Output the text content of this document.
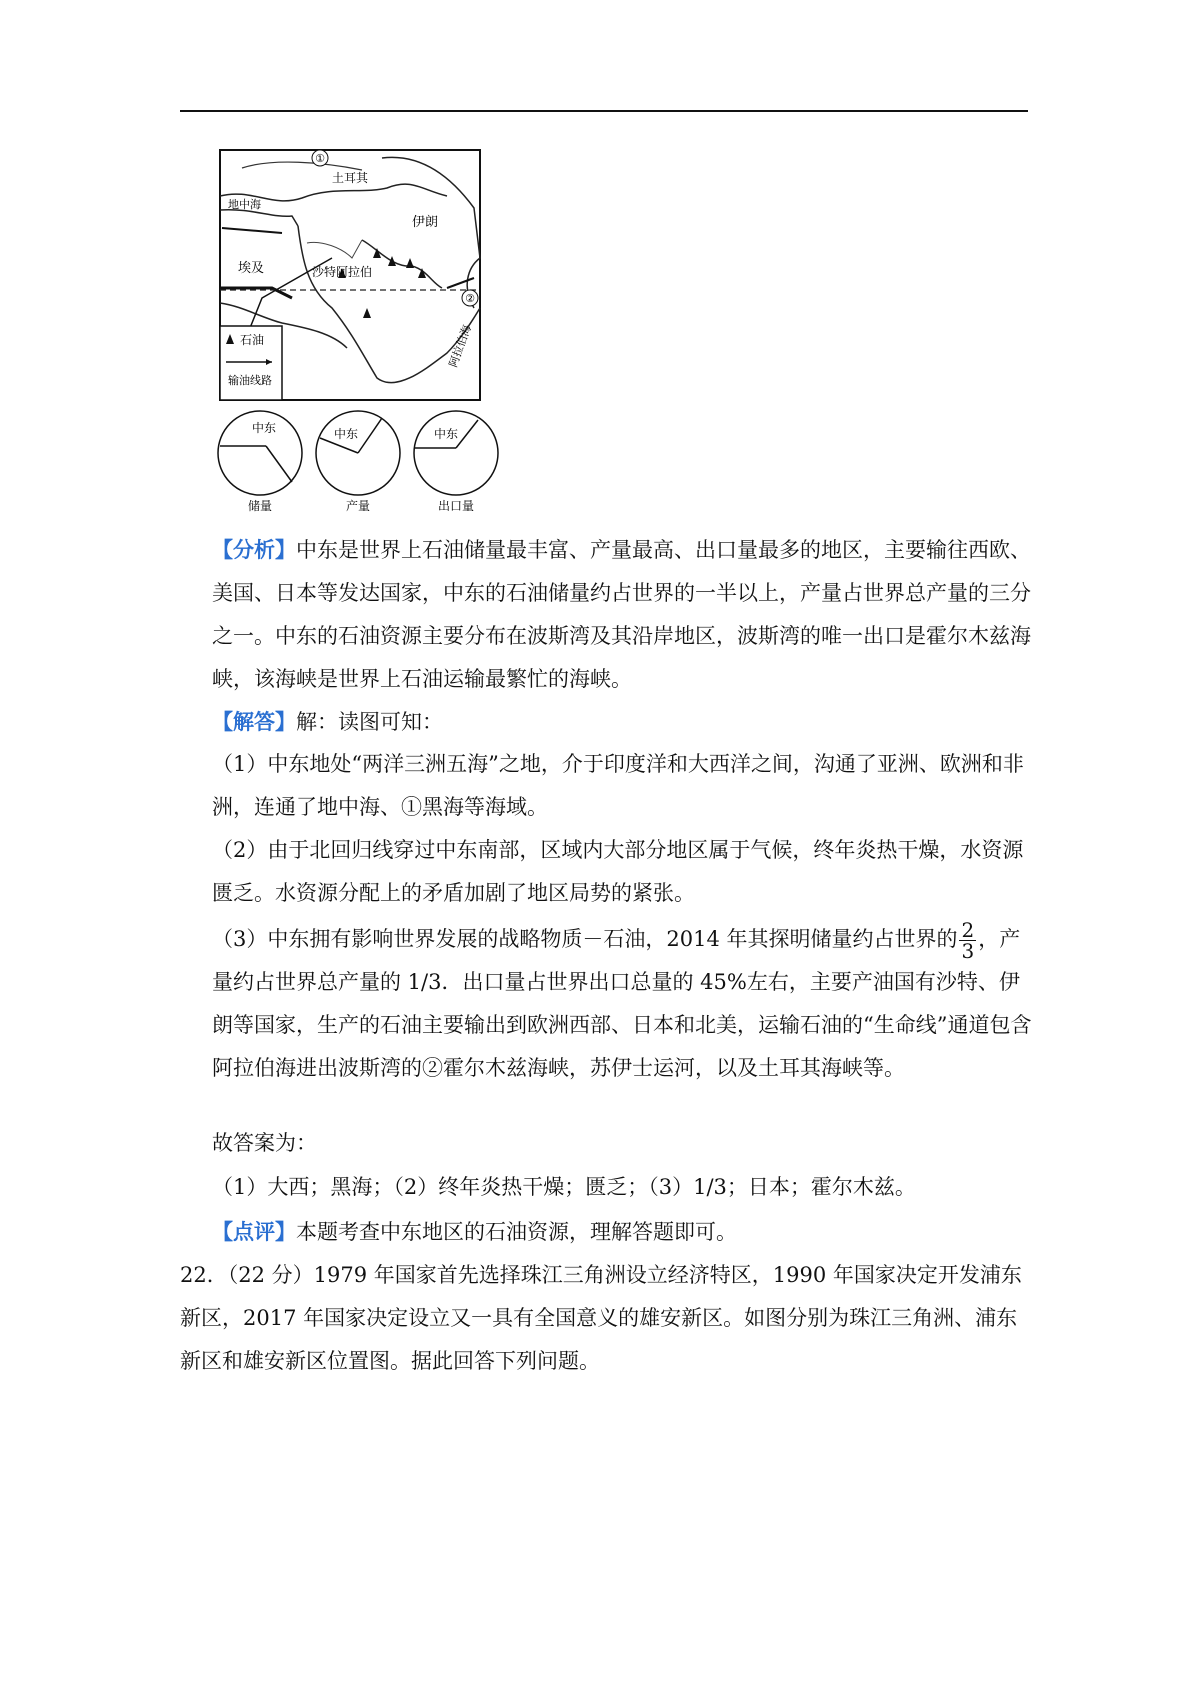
①
土耳其
地中海
伊朗
埃及	沙特阿拉伯
②
阿拉伯海
石油
输油线路
中东
储量
中东
产量
中东
出口量

【分析】中东是世界上石油储量最丰富、产量最高、出口量最多的地区，主要输往西欧、美国、日本等发达国家，中东的石油储量约占世界的一半以上，产量占世界总产量的三分之一。中东的石油资源主要分布在波斯湾及其沿岸地区，波斯湾的唯一出口是霍尔木兹海峡，该海峡是世界上石油运输最繁忙的海峡。

【解答】解：读图可知：

（1）中东地处“两洋三洲五海”之地，介于印度洋和大西洋之间，沟通了亚洲、欧洲和非洲，连通了地中海、①黑海等海域。

（2）由于北回归线穿过中东南部，区域内大部分地区属于气候，终年炎热干燥，水资源匮乏。水资源分配上的矛盾加剧了地区局势的紧张。

（3）中东拥有影响世界发展的战略物质－石油，2014 年其探明储量约占世界的 $\frac{2}{3}$ ，产量约占世界总产量的 1/3．出口量占世界出口总量的 45%左右，主要产油国有沙特、伊朗等国家，生产的石油主要输出到欧洲西部、日本和北美，运输石油的“生命线”通道包含阿拉伯海进出波斯湾的②霍尔木兹海峡，苏伊士运河，以及土耳其海峡等。

故答案为：

（1）大西；黑海；（2）终年炎热干燥；匮乏；（3）1/3；日本；霍尔木兹。

【点评】本题考查中东地区的石油资源，理解答题即可。

22．（22 分）1979 年国家首先选择珠江三角洲设立经济特区，1990 年国家决定开发浦东新区，2017 年国家决定设立又一具有全国意义的雄安新区。如图分别为珠江三角洲、浦东新区和雄安新区位置图。据此回答下列问题。
